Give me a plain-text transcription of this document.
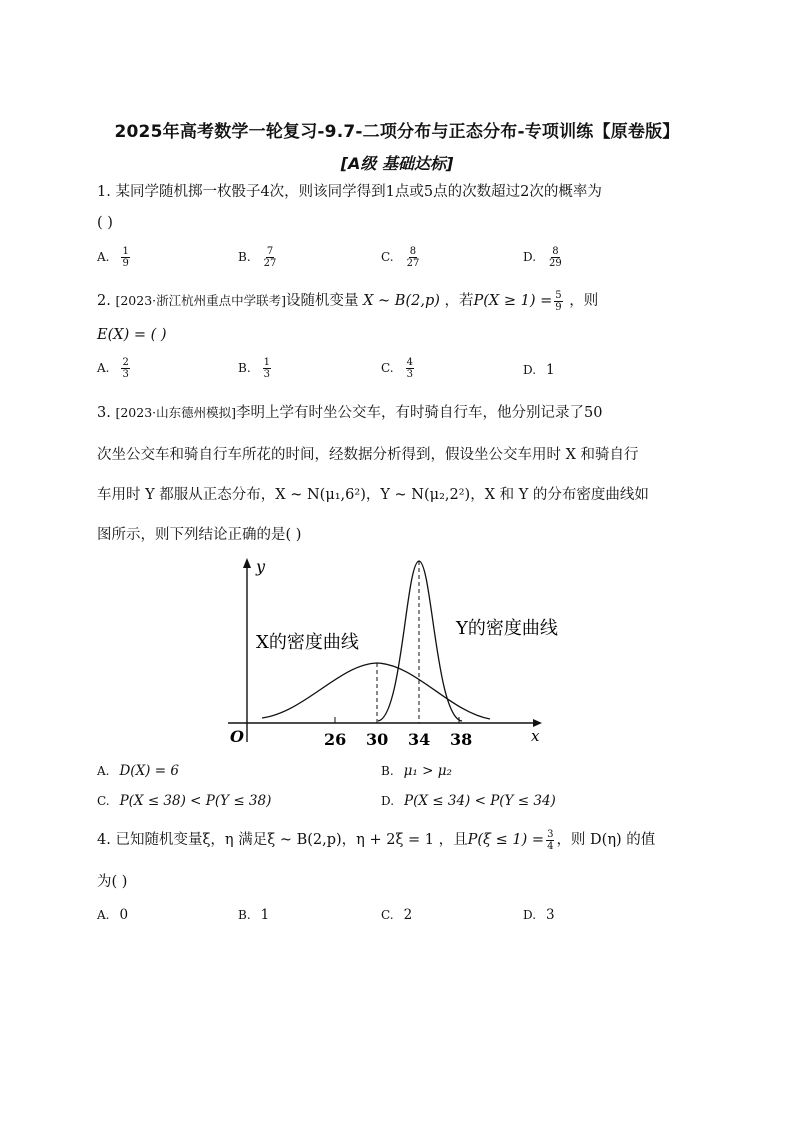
2025年高考数学一轮复习-9.7-二项分布与正态分布-专项训练【原卷版】
[A级 基础达标]
1. 某同学随机掷一枚骰子4次，则该同学得到1点或5点的次数超过2次的概率为
( )
A. $\frac{1}{9}$	B. $\frac{7}{27}$	C. $\frac{8}{27}$	D. $\frac{8}{29}$
2. [2023·浙江杭州重点中学联考]设随机变量 X ~ B(2,p) ，若$P(X \ge 1) = \frac{5}{9}$ ，则
E(X) = ( )
A. $\frac{2}{3}$	B. $\frac{1}{3}$	C. $\frac{4}{3}$	D. 1
3. [2023·山东德州模拟]李明上学有时坐公交车，有时骑自行车，他分别记录了50
次坐公交车和骑自行车所花的时间，经数据分析得到，假设坐公交车用时 X 和骑自行
车用时 Y 都服从正态分布，X ~ N(μ₁,6²)，Y ~ N(μ₂,2²)，X 和 Y 的分布密度曲线如
图所示，则下列结论正确的是( )
y
x
O	26 30 34 38
X的密度曲线
Y的密度曲线
A. D(X) = 6	B. μ₁ > μ₂
C. P(X ≤ 38) < P(Y ≤ 38)	D. P(X ≤ 34) < P(Y ≤ 34)
4. 已知随机变量ξ，η 满足ξ ~ B(2,p)，η + 2ξ = 1 ，且$P(\xi \le 1) = \frac{3}{4}$ ，则 D(η) 的值
为( )
A. 0	B. 1	C. 2	D. 3
